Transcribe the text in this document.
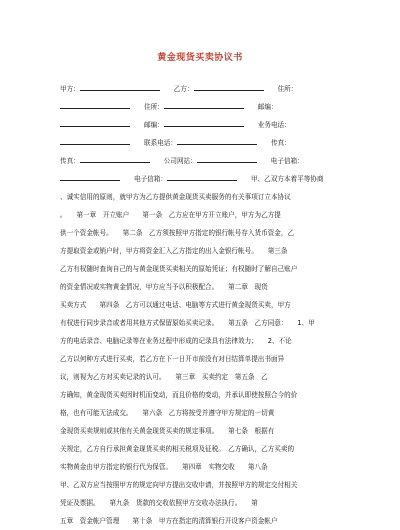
黄金现货买卖协议书
甲方：	乙方：	住所：
住所：	邮编：
邮编：	业务电话：
联系电话：	传真：
传真：	公司网站：	电子信箱：
电子信箱：	甲、乙双方本着平等协商
、诚实信用的原则，就甲方为乙方提供黄金现货买卖服务的有关事项订立本协议
。　　第一章　开立账户　　第一条　乙方应在甲方开立账户，甲方为乙方提
供一个资金帐号。　　第二条　乙方须按照甲方指定的银行帐号存入货币资金，乙
方提取资金或销户时，甲方将资金汇入乙方指定的出入金银行帐号。　　第三条
乙方有权随时查询自己的与黄金现货买卖相关的原始凭证；有权随时了解自己账户
的资金情况或实物黄金情况，甲方应当予以积极配合。　　第二章　现货
买卖方式　　第四条　乙方可以通过电话、电脑等方式进行黄金现货买卖，甲方
有权进行同步录音或者用其他方式保留原始买卖记录。　　第五条　乙方同意：　　1、甲
方的电话录音、电脑记录等在业务过程中形成的记录具有法律效力；　　2、不论
乙方以何种方式进行买卖，若乙方在下一日开市前没有对日结算单提出书面异
议，则视为乙方对买卖记录的认可。　　第三章　买卖约定　第五条　乙
方确知，黄金现货买卖因时机而变动，而且价格的变动，并承认即使按照合今的价
格，也有可能无法成交。　　第六条　乙方将按受并遵守甲方规定的一切黄
金现货买卖规则或其他有关黄金现货买卖的规定事项。　　第七条　根据有
关规定，乙方自行承担黄金现货买卖的相关税项及征税。　乙方确认，乙方买卖的
实物黄金由甲方指定的银行代为保管。　　第四章　实物交收　　第八条
甲、乙双方应当按照甲方的规定向甲方提出交收申请，并按照甲方的规定交付相关
凭证及票据。　　第九条　货款的交收依照甲方交收办法执行。　　第
五章　资金帐户管理　　第十条　甲方在指定的清算银行开设客户资金帐户
